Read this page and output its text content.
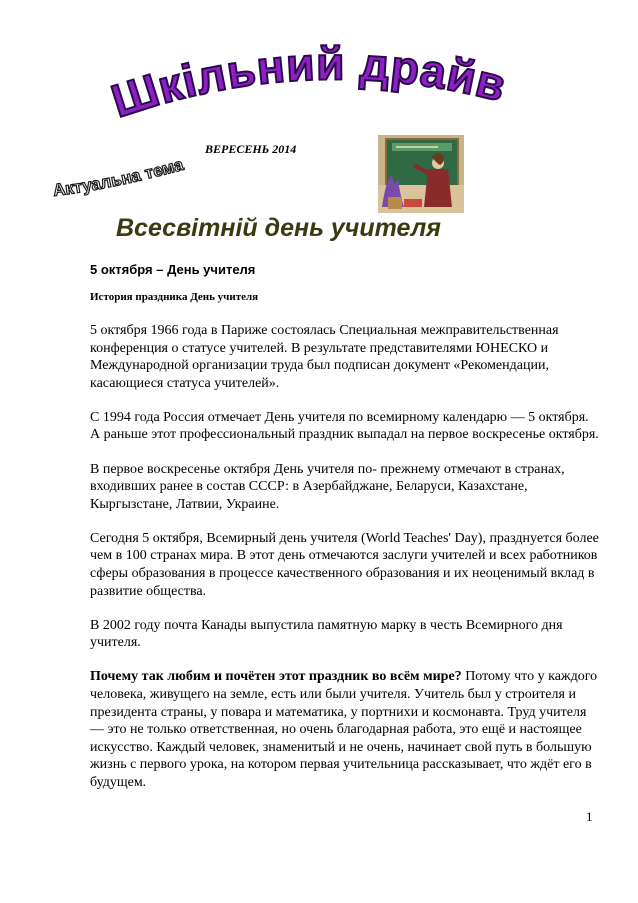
Шкільний драйв
ВЕРЕСЕНЬ 2014
Актуальна тема
Всесвітній день учителя

5 октября – День учителя

История праздника День учителя

5 октября 1966 года в Париже состоялась Специальная межправительственная конференция о статусе учителей. В результате представителями ЮНЕСКО и Международной организации труда был подписан документ «Рекомендации, касающиеся статуса учителей».

С 1994 года Россия отмечает День учителя по всемирному календарю — 5 октября. А раньше этот профессиональный праздник выпадал на первое воскресенье октября.

В первое воскресенье октября День учителя по- прежнему отмечают в странах, входивших ранее в состав СССР: в Азербайджане, Беларуси, Казахстане, Кыргызстане, Латвии, Украине.

Сегодня 5 октября, Всемирный день учителя (World Teaches' Day), празднуется более чем в 100 странах мира. В этот день отмечаются заслуги учителей и всех работников сферы образования в процессе качественного образования и их неоценимый вклад в развитие общества.

В 2002 году почта Канады выпустила памятную марку в честь Всемирного дня учителя.

Почему так любим и почётен этот праздник во всём мире? Потому что у каждого человека, живущего на земле, есть или были учителя. Учитель был у строителя и президента страны, у повара и математика, у портнихи и космонавта. Труд учителя — это не только ответственная, но очень благодарная работа, это ещё и настоящее искусство. Каждый человек, знаменитый и не очень, начинает свой путь в большую жизнь с первого урока, на котором первая учительница рассказывает, что ждёт его в будущем.

1
